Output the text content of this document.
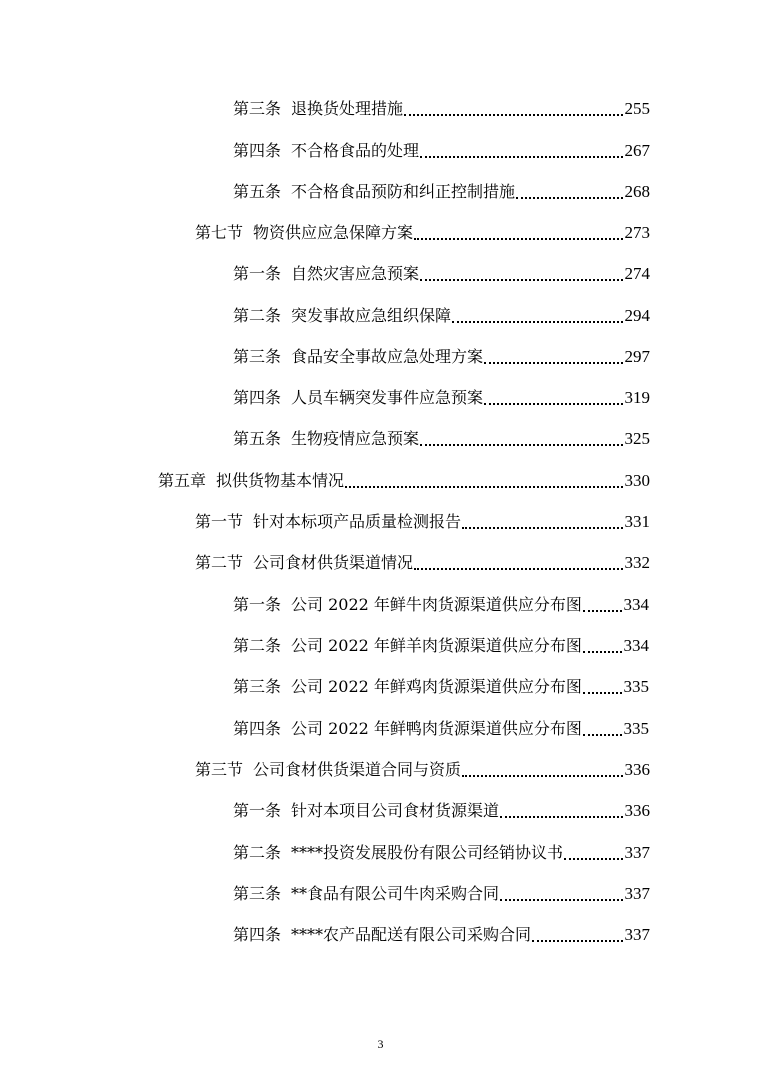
第三条 退换货处理措施	255
第四条 不合格食品的处理	267
第五条 不合格食品预防和纠正控制措施	268
第七节 物资供应应急保障方案	273
第一条 自然灾害应急预案	274
第二条 突发事故应急组织保障	294
第三条 食品安全事故应急处理方案	297
第四条 人员车辆突发事件应急预案	319
第五条 生物疫情应急预案	325
第五章 拟供货物基本情况	330
第一节 针对本标项产品质量检测报告	331
第二节 公司食材供货渠道情况	332
第一条 公司 2022 年鲜牛肉货源渠道供应分布图 334
第二条 公司 2022 年鲜羊肉货源渠道供应分布图 334
第三条 公司 2022 年鲜鸡肉货源渠道供应分布图 335
第四条 公司 2022 年鲜鸭肉货源渠道供应分布图 335
第三节 公司食材供货渠道合同与资质	336
第一条 针对本项目公司食材货源渠道	336
第二条 ****投资发展股份有限公司经销协议书	337
第三条 **食品有限公司牛肉采购合同	337
第四条 ****农产品配送有限公司采购合同	337
3
